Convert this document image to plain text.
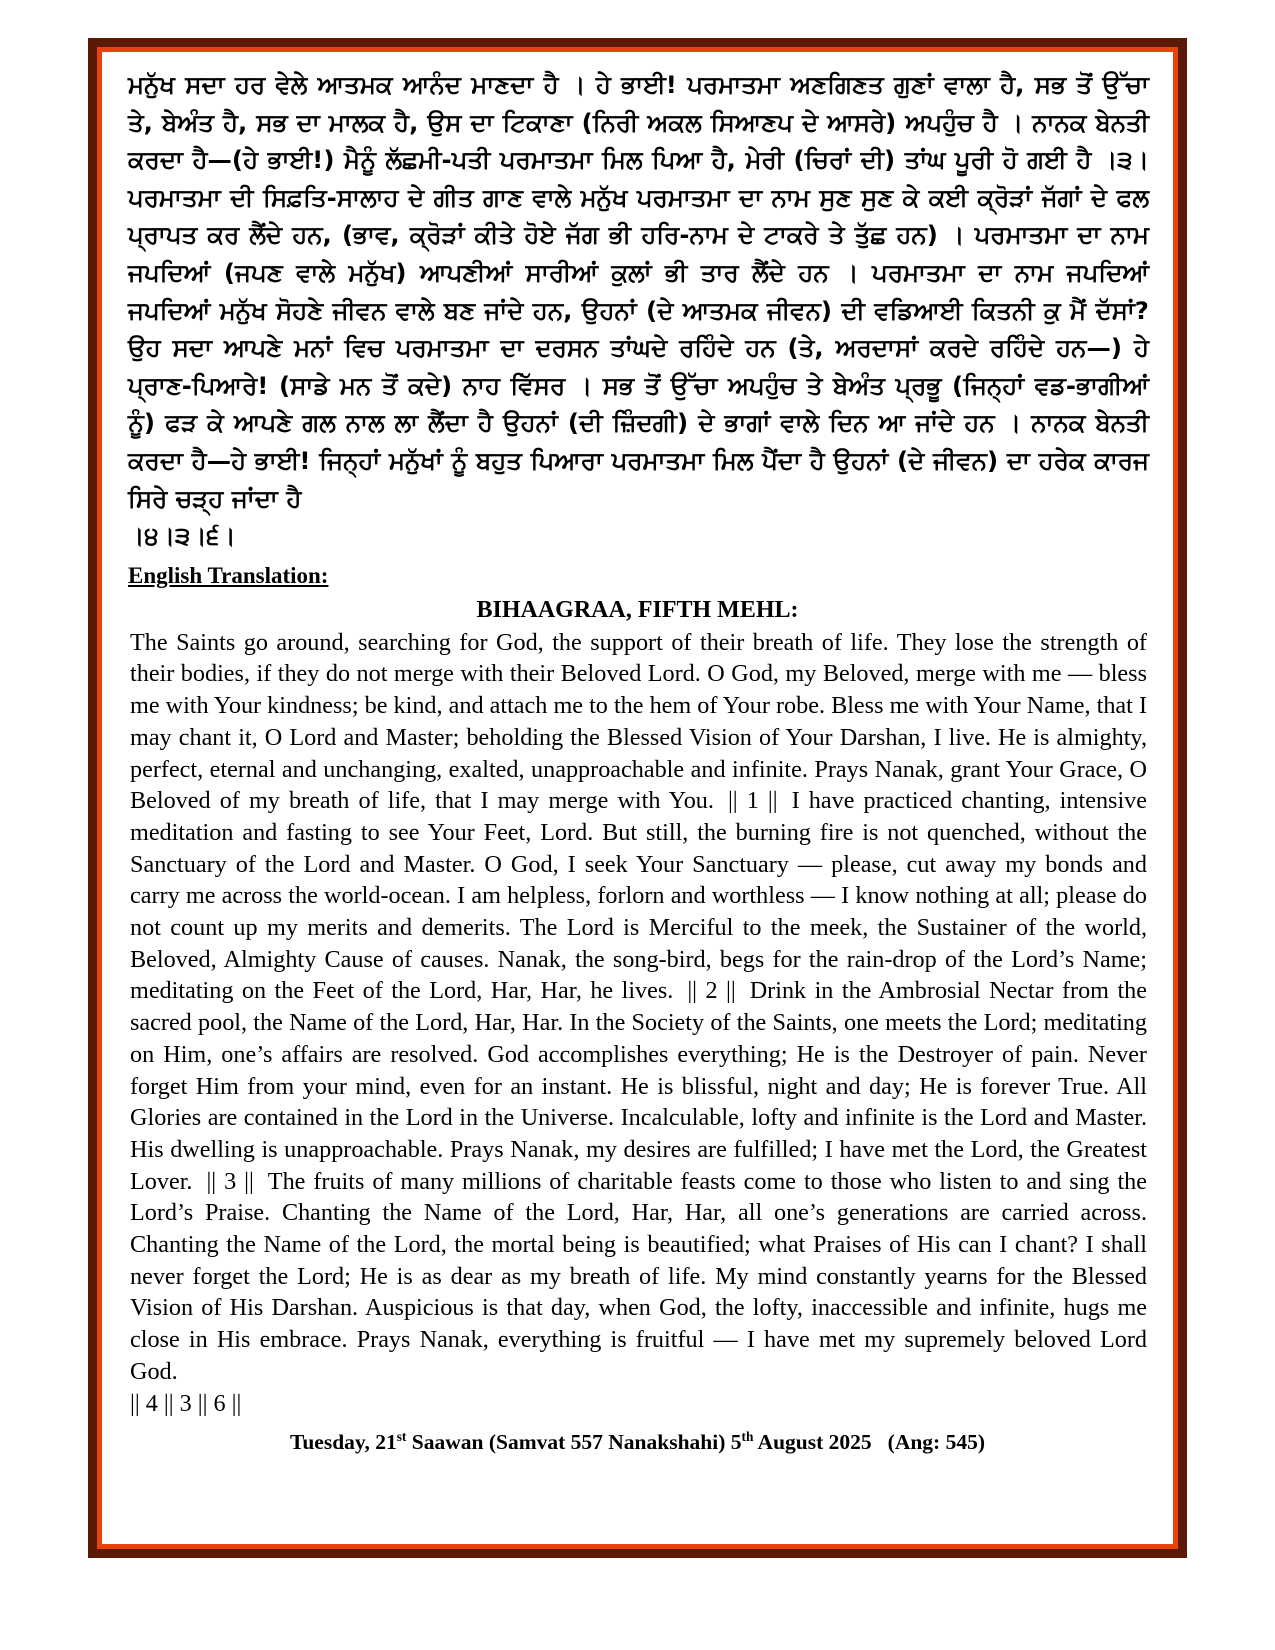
ਮਨੁੱਖ ਸਦਾ ਹਰ ਵੇਲੇ ਆਤਮਕ ਆਨੰਦ ਮਾਣਦਾ ਹੈ । ਹੇ ਭਾਈ! ਪਰਮਾਤਮਾ ਅਣਗਿਣਤ ਗੁਣਾਂ ਵਾਲਾ ਹੈ, ਸਭ ਤੋਂ ਉੱਚਾ ਤੇ, ਬੇਅੰਤ ਹੈ, ਸਭ ਦਾ ਮਾਲਕ ਹੈ, ਉਸ ਦਾ ਟਿਕਾਣਾ (ਨਿਰੀ ਅਕਲ ਸਿਆਣਪ ਦੇ ਆਸਰੇ) ਅਪਹੁੰਚ ਹੈ । ਨਾਨਕ ਬੇਨਤੀ ਕਰਦਾ ਹੈ—(ਹੇ ਭਾਈ!) ਮੈਨੂੰ ਲੱਛਮੀ-ਪਤੀ ਪਰਮਾਤਮਾ ਮਿਲ ਪਿਆ ਹੈ, ਮੇਰੀ (ਚਿਰਾਂ ਦੀ) ਤਾਂਘ ਪੂਰੀ ਹੋ ਗਈ ਹੈ ।੩। ਪਰਮਾਤਮਾ ਦੀ ਸਿਫ਼ਤਿ-ਸਾਲਾਹ ਦੇ ਗੀਤ ਗਾਣ ਵਾਲੇ ਮਨੁੱਖ ਪਰਮਾਤਮਾ ਦਾ ਨਾਮ ਸੁਣ ਸੁਣ ਕੇ ਕਈ ਕ੍ਰੋੜਾਂ ਜੱਗਾਂ ਦੇ ਫਲ ਪ੍ਰਾਪਤ ਕਰ ਲੈਂਦੇ ਹਨ, (ਭਾਵ, ਕ੍ਰੋੜਾਂ ਕੀਤੇ ਹੋਏ ਜੱਗ ਭੀ ਹਰਿ-ਨਾਮ ਦੇ ਟਾਕਰੇ ਤੇ ਤੁੱਛ ਹਨ) । ਪਰਮਾਤਮਾ ਦਾ ਨਾਮ ਜਪਦਿਆਂ (ਜਪਣ ਵਾਲੇ ਮਨੁੱਖ) ਆਪਣੀਆਂ ਸਾਰੀਆਂ ਕੁਲਾਂ ਭੀ ਤਾਰ ਲੈਂਦੇ ਹਨ । ਪਰਮਾਤਮਾ ਦਾ ਨਾਮ ਜਪਦਿਆਂ ਜਪਦਿਆਂ ਮਨੁੱਖ ਸੋਹਣੇ ਜੀਵਨ ਵਾਲੇ ਬਣ ਜਾਂਦੇ ਹਨ, ਉਹਨਾਂ (ਦੇ ਆਤਮਕ ਜੀਵਨ) ਦੀ ਵਡਿਆਈ ਕਿਤਨੀ ਕੁ ਮੈਂ ਦੱਸਾਂ? ਉਹ ਸਦਾ ਆਪਣੇ ਮਨਾਂ ਵਿਚ ਪਰਮਾਤਮਾ ਦਾ ਦਰਸਨ ਤਾਂਘਦੇ ਰਹਿੰਦੇ ਹਨ (ਤੇ, ਅਰਦਾਸਾਂ ਕਰਦੇ ਰਹਿੰਦੇ ਹਨ—) ਹੇ ਪ੍ਰਾਣ-ਪਿਆਰੇ! (ਸਾਡੇ ਮਨ ਤੋਂ ਕਦੇ) ਨਾਹ ਵਿੱਸਰ । ਸਭ ਤੋਂ ਉੱਚਾ ਅਪਹੁੰਚ ਤੇ ਬੇਅੰਤ ਪ੍ਰਭੂ (ਜਿਨ੍ਹਾਂ ਵਡ-ਭਾਗੀਆਂ ਨੂੰ) ਫੜ ਕੇ ਆਪਣੇ ਗਲ ਨਾਲ ਲਾ ਲੈਂਦਾ ਹੈ ਉਹਨਾਂ (ਦੀ ਜ਼ਿੰਦਗੀ) ਦੇ ਭਾਗਾਂ ਵਾਲੇ ਦਿਨ ਆ ਜਾਂਦੇ ਹਨ । ਨਾਨਕ ਬੇਨਤੀ ਕਰਦਾ ਹੈ—ਹੇ ਭਾਈ! ਜਿਨ੍ਹਾਂ ਮਨੁੱਖਾਂ ਨੂੰ ਬਹੁਤ ਪਿਆਰਾ ਪਰਮਾਤਮਾ ਮਿਲ ਪੈਂਦਾ ਹੈ ਉਹਨਾਂ (ਦੇ ਜੀਵਨ) ਦਾ ਹਰੇਕ ਕਾਰਜ ਸਿਰੇ ਚੜ੍ਹ ਜਾਂਦਾ ਹੈ
।੪।੩।੬।
English Translation:
BIHAAGRAA, FIFTH MEHL:
The Saints go around, searching for God, the support of their breath of life. They lose the strength of their bodies, if they do not merge with their Beloved Lord. O God, my Beloved, merge with me — bless me with Your kindness; be kind, and attach me to the hem of Your robe. Bless me with Your Name, that I may chant it, O Lord and Master; beholding the Blessed Vision of Your Darshan, I live. He is almighty, perfect, eternal and unchanging, exalted, unapproachable and infinite. Prays Nanak, grant Your Grace, O Beloved of my breath of life, that I may merge with You. || 1 || I have practiced chanting, intensive meditation and fasting to see Your Feet, Lord. But still, the burning fire is not quenched, without the Sanctuary of the Lord and Master. O God, I seek Your Sanctuary — please, cut away my bonds and carry me across the world-ocean. I am helpless, forlorn and worthless — I know nothing at all; please do not count up my merits and demerits. The Lord is Merciful to the meek, the Sustainer of the world, Beloved, Almighty Cause of causes. Nanak, the song-bird, begs for the rain-drop of the Lord’s Name; meditating on the Feet of the Lord, Har, Har, he lives. || 2 || Drink in the Ambrosial Nectar from the sacred pool, the Name of the Lord, Har, Har. In the Society of the Saints, one meets the Lord; meditating on Him, one’s affairs are resolved. God accomplishes everything; He is the Destroyer of pain. Never forget Him from your mind, even for an instant. He is blissful, night and day; He is forever True. All Glories are contained in the Lord in the Universe. Incalculable, lofty and infinite is the Lord and Master. His dwelling is unapproachable. Prays Nanak, my desires are fulfilled; I have met the Lord, the Greatest Lover. || 3 || The fruits of many millions of charitable feasts come to those who listen to and sing the Lord’s Praise. Chanting the Name of the Lord, Har, Har, all one’s generations are carried across. Chanting the Name of the Lord, the mortal being is beautified; what Praises of His can I chant? I shall never forget the Lord; He is as dear as my breath of life. My mind constantly yearns for the Blessed Vision of His Darshan. Auspicious is that day, when God, the lofty, inaccessible and infinite, hugs me close in His embrace. Prays Nanak, everything is fruitful — I have met my supremely beloved Lord God.
|| 4 || 3 || 6 ||
Tuesday, 21st Saawan (Samvat 557 Nanakshahi) 5th August 2025 (Ang: 545)
